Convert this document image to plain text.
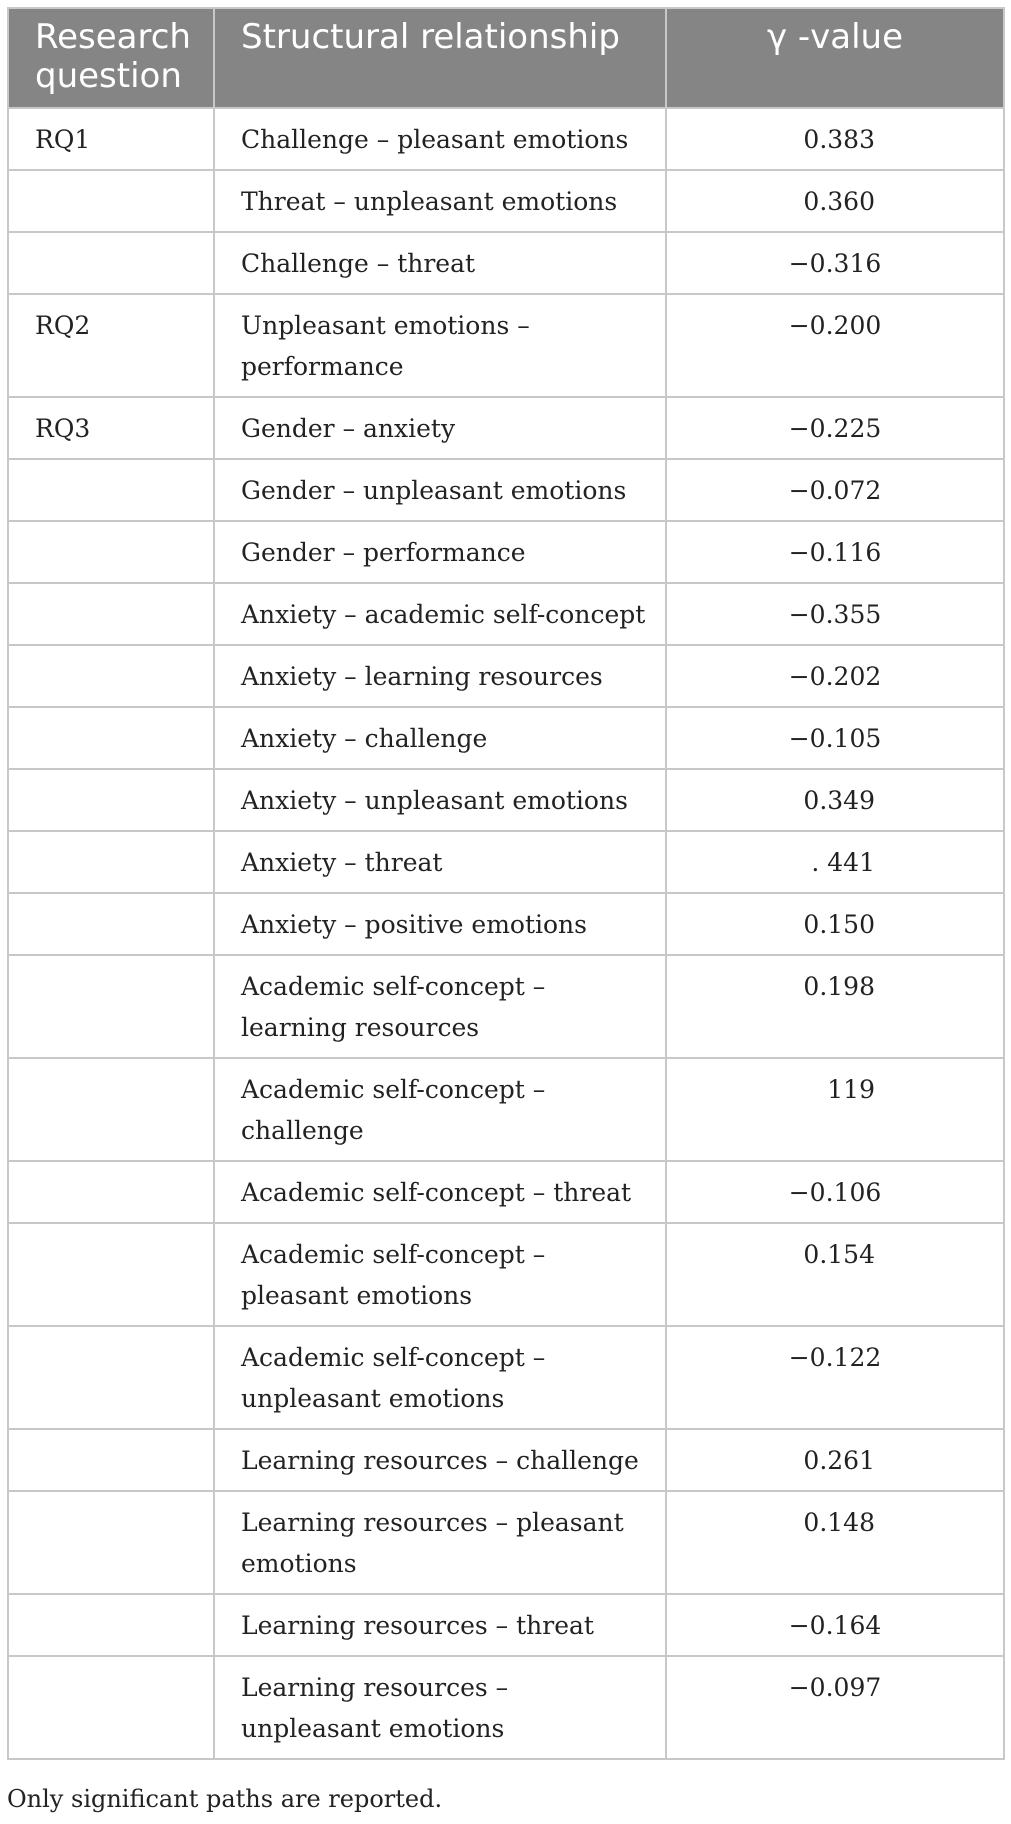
Research question	Structural relationship	γ -value
RQ1	Challenge – pleasant emotions	0.383
	Threat – unpleasant emotions	0.360
	Challenge – threat	−0.316
RQ2	Unpleasant emotions – performance	−0.200
RQ3	Gender – anxiety	−0.225
	Gender – unpleasant emotions	−0.072
	Gender – performance	−0.116
	Anxiety – academic self-concept	−0.355
	Anxiety – learning resources	−0.202
	Anxiety – challenge	−0.105
	Anxiety – unpleasant emotions	0.349
	Anxiety – threat	. 441
	Anxiety – positive emotions	0.150
	Academic self-concept – learning resources	0.198
	Academic self-concept – challenge	119
	Academic self-concept – threat	−0.106
	Academic self-concept – pleasant emotions	0.154
	Academic self-concept – unpleasant emotions	−0.122
	Learning resources – challenge	0.261
	Learning resources – pleasant emotions	0.148
	Learning resources – threat	−0.164
	Learning resources – unpleasant emotions	−0.097
Only significant paths are reported.
